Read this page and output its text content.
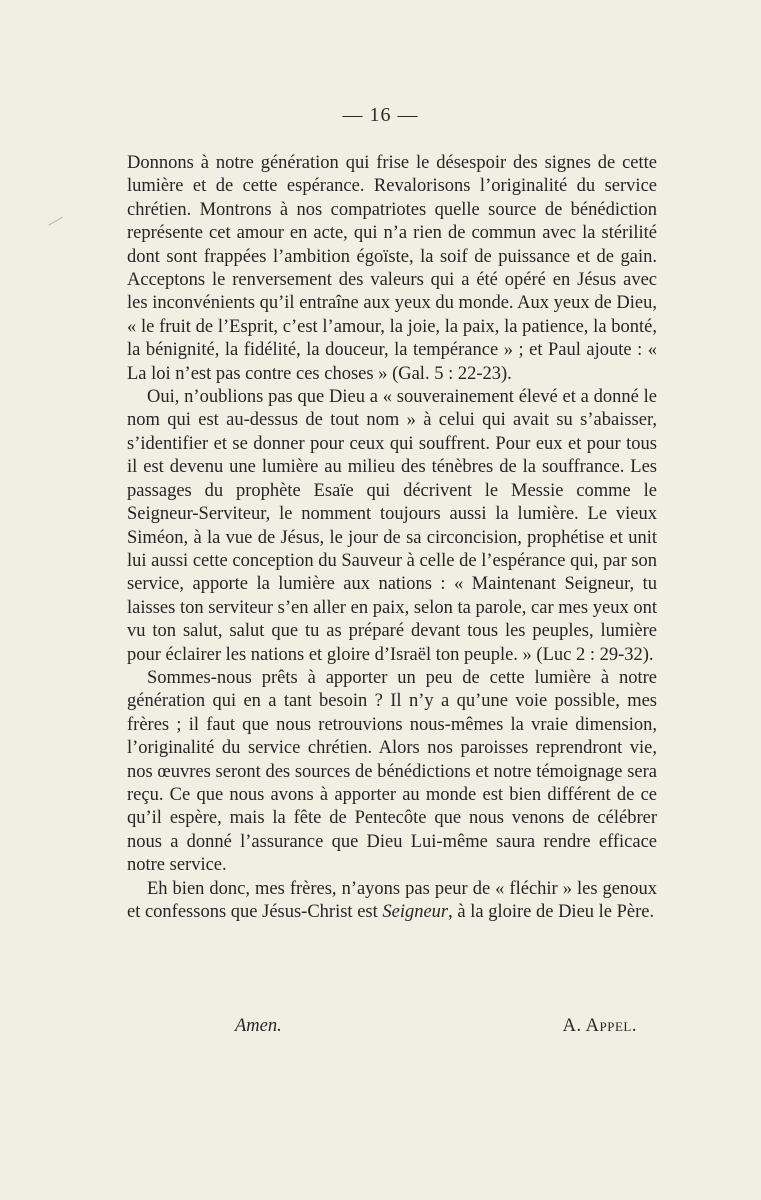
— 16 —

Donnons à notre génération qui frise le désespoir des signes de cette lumière et de cette espérance. Revalorisons l’originalité du service chrétien. Montrons à nos compatriotes quelle source de bénédiction représente cet amour en acte, qui n’a rien de commun avec la stérilité dont sont frappées l’ambition égoïste, la soif de puissance et de gain. Acceptons le renversement des valeurs qui a été opéré en Jésus avec les inconvénients qu’il entraîne aux yeux du monde. Aux yeux de Dieu, « le fruit de l’Esprit, c’est l’amour, la joie, la paix, la patience, la bonté, la bénignité, la fidélité, la douceur, la tempérance » ; et Paul ajoute : « La loi n’est pas contre ces choses » (Gal. 5 : 22-23).

Oui, n’oublions pas que Dieu a « souverainement élevé et a donné le nom qui est au-dessus de tout nom » à celui qui avait su s’abaisser, s’identifier et se donner pour ceux qui souffrent. Pour eux et pour tous il est devenu une lumière au milieu des ténèbres de la souffrance. Les passages du prophète Esaïe qui décrivent le Messie comme le Seigneur-Serviteur, le nomment toujours aussi la lumière. Le vieux Siméon, à la vue de Jésus, le jour de sa circoncision, prophétise et unit lui aussi cette conception du Sauveur à celle de l’espérance qui, par son service, apporte la lumière aux nations : « Maintenant Seigneur, tu laisses ton serviteur s’en aller en paix, selon ta parole, car mes yeux ont vu ton salut, salut que tu as préparé devant tous les peuples, lumière pour éclairer les nations et gloire d’Israël ton peuple. » (Luc 2 : 29-32).

Sommes-nous prêts à apporter un peu de cette lumière à notre génération qui en a tant besoin ? Il n’y a qu’une voie possible, mes frères ; il faut que nous retrouvions nous-mêmes la vraie dimension, l’originalité du service chrétien. Alors nos paroisses reprendront vie, nos œuvres seront des sources de bénédictions et notre témoignage sera reçu. Ce que nous avons à apporter au monde est bien différent de ce qu’il espère, mais la fête de Pentecôte que nous venons de célébrer nous a donné l’assurance que Dieu Lui-même saura rendre efficace notre service.

Eh bien donc, mes frères, n’ayons pas peur de « fléchir » les genoux et confessons que Jésus-Christ est Seigneur, à la gloire de Dieu le Père.

Amen.	A. Appel.
